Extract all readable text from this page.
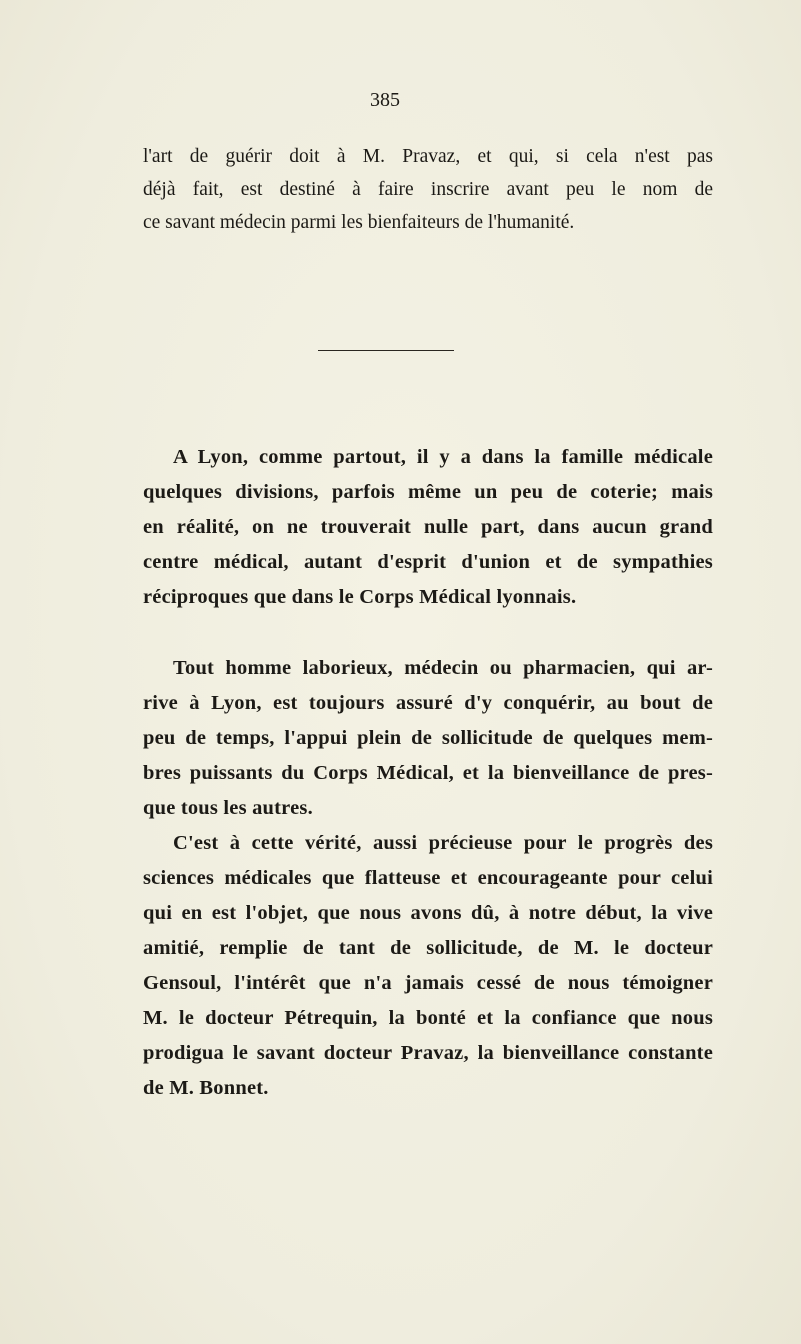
385

l'art de guérir doit à M. Pravaz, et qui, si cela n'est pas
déjà fait, est destiné à faire inscrire avant peu le nom de
ce savant médecin parmi les bienfaiteurs de l'humanité.

A Lyon, comme partout, il y a dans la famille médicale
quelques divisions, parfois même un peu de coterie; mais
en réalité, on ne trouverait nulle part, dans aucun grand
centre médical, autant d'esprit d'union et de sympathies
réciproques que dans le Corps Médical lyonnais.

Tout homme laborieux, médecin ou pharmacien, qui ar-
rive à Lyon, est toujours assuré d'y conquérir, au bout de
peu de temps, l'appui plein de sollicitude de quelques mem-
bres puissants du Corps Médical, et la bienveillance de pres-
que tous les autres.

C'est à cette vérité, aussi précieuse pour le progrès des
sciences médicales que flatteuse et encourageante pour celui
qui en est l'objet, que nous avons dû, à notre début, la vive
amitié, remplie de tant de sollicitude, de M. le docteur
Gensoul, l'intérêt que n'a jamais cessé de nous témoigner
M. le docteur Pétrequin, la bonté et la confiance que nous
prodigua le savant docteur Pravaz, la bienveillance constante
de M. Bonnet.
